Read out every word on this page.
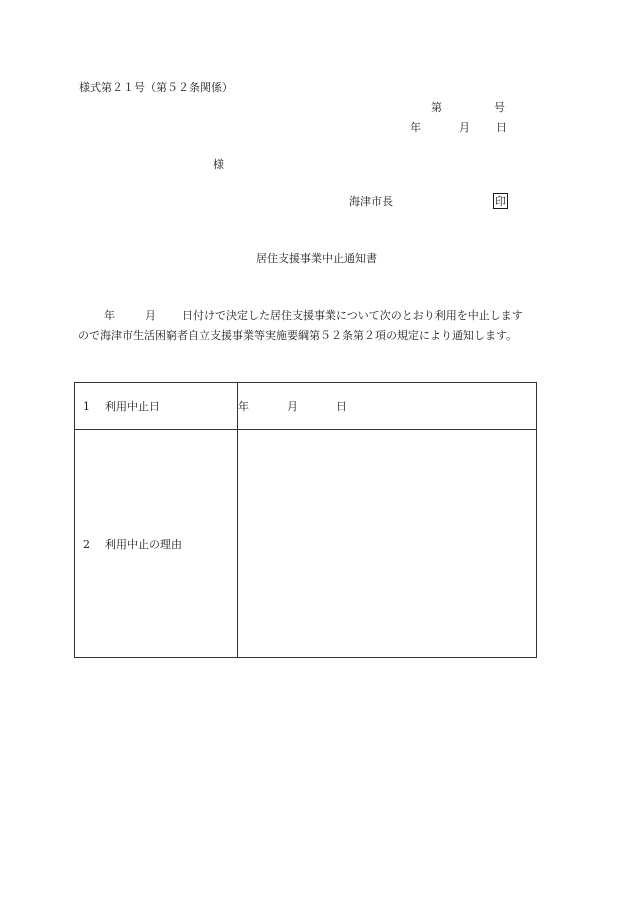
様式第２１号（第５２条関係）
第	号
年	月 日
様
海津市長	印
居住支援事業中止通知書
年	月 日付けで決定した居住支援事業について次のとおり利用を中止します
ので海津市生活困窮者自立支援事業等実施要綱第５２条第２項の規定により通知します。
1 利用中止日	年 月 日
2 利用中止の理由	
